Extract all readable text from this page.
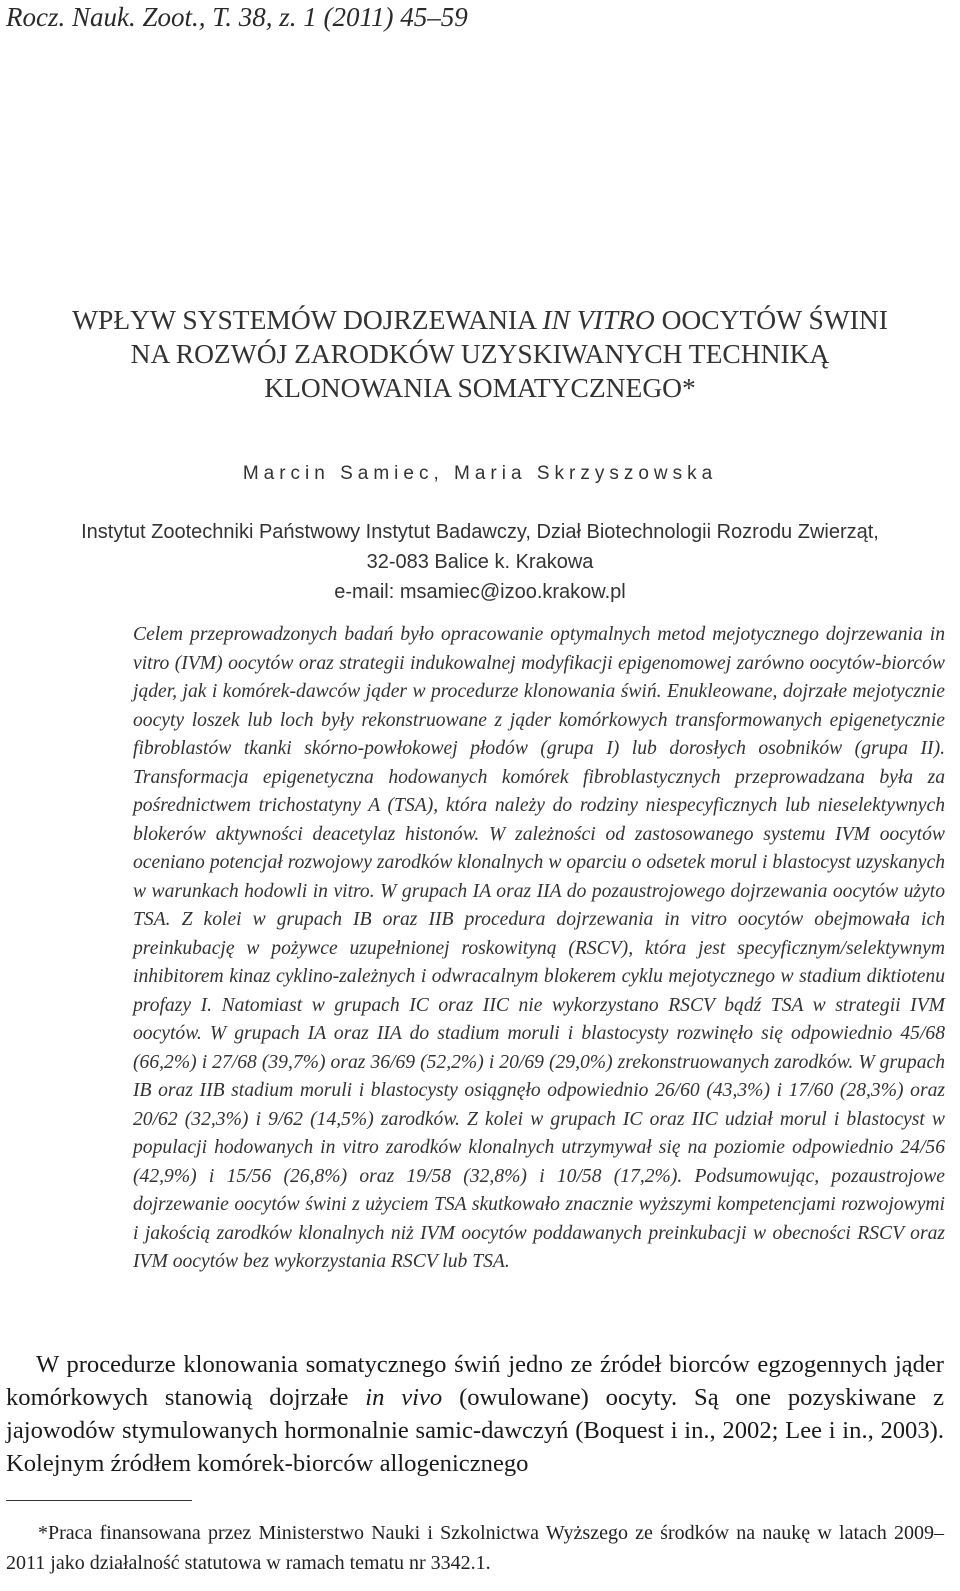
Rocz. Nauk. Zoot., T. 38, z. 1 (2011) 45–59
WPŁYW SYSTEMÓW DOJRZEWANIA IN VITRO OOCYTÓW ŚWINI
NA ROZWÓJ ZARODKÓW UZYSKIWANYCH TECHNIKĄ
KLONOWANIA SOMATYCZNEGO*
Marcin Samiec, Maria Skrzyszowska
Instytut Zootechniki Państwowy Instytut Badawczy, Dział Biotechnologii Rozrodu Zwierząt,
32-083 Balice k. Krakowa
e-mail: msamiec@izoo.krakow.pl
Celem przeprowadzonych badań było opracowanie optymalnych metod mejotycznego dojrzewania in vitro (IVM) oocytów oraz strategii indukowalnej modyfikacji epigenomowej zarówno oocytów-biorców jąder, jak i komórek-dawców jąder w procedurze klonowania świń. Enukleowane, dojrzałe mejotycznie oocyty loszek lub loch były rekonstruowane z jąder komórkowych transformowanych epigenetycznie fibroblastów tkanki skórno-powłokowej płodów (grupa I) lub dorosłych osobników (grupa II). Transformacja epigenetyczna hodowanych komórek fibroblastycznych przeprowadzana była za pośrednictwem trichostatyny A (TSA), która należy do rodziny niespecyficznych lub nieselektywnych blokerów aktywności deacetylaz histonów. W zależności od zastosowanego systemu IVM oocytów oceniano potencjał rozwojowy zarodków klonalnych w oparciu o odsetek morul i blastocyst uzyskanych w warunkach hodowli in vitro. W grupach IA oraz IIA do pozaustrojowego dojrzewania oocytów użyto TSA. Z kolei w grupach IB oraz IIB procedura dojrzewania in vitro oocytów obejmowała ich preinkubację w pożywce uzupełnionej roskowityną (RSCV), która jest specyficznym/selektywnym inhibitorem kinaz cyklino-zależnych i odwracalnym blokerem cyklu mejotycznego w stadium diktiotenu profazy I. Natomiast w grupach IC oraz IIC nie wykorzystano RSCV bądź TSA w strategii IVM oocytów. W grupach IA oraz IIA do stadium moruli i blastocysty rozwinęło się odpowiednio 45/68 (66,2%) i 27/68 (39,7%) oraz 36/69 (52,2%) i 20/69 (29,0%) zrekonstruowanych zarodków. W grupach IB oraz IIB stadium moruli i blastocysty osiągnęło odpowiednio 26/60 (43,3%) i 17/60 (28,3%) oraz 20/62 (32,3%) i 9/62 (14,5%) zarodków. Z kolei w grupach IC oraz IIC udział morul i blastocyst w populacji hodowanych in vitro zarodków klonalnych utrzymywał się na poziomie odpowiednio 24/56 (42,9%) i 15/56 (26,8%) oraz 19/58 (32,8%) i 10/58 (17,2%). Podsumowując, pozaustrojowe dojrzewanie oocytów świni z użyciem TSA skutkowało znacznie wyższymi kompetencjami rozwojowymi i jakością zarodków klonalnych niż IVM oocytów poddawanych preinkubacji w obecności RSCV oraz IVM oocytów bez wykorzystania RSCV lub TSA.
W procedurze klonowania somatycznego świń jedno ze źródeł biorców egzogennych jąder komórkowych stanowią dojrzałe in vivo (owulowane) oocyty. Są one pozyskiwane z jajowodów stymulowanych hormonalnie samic-dawczyń (Boquest i in., 2002; Lee i in., 2003). Kolejnym źródłem komórek-biorców allogenicznego
*Praca finansowana przez Ministerstwo Nauki i Szkolnictwa Wyższego ze środków na naukę w latach 2009–2011 jako działalność statutowa w ramach tematu nr 3342.1.
